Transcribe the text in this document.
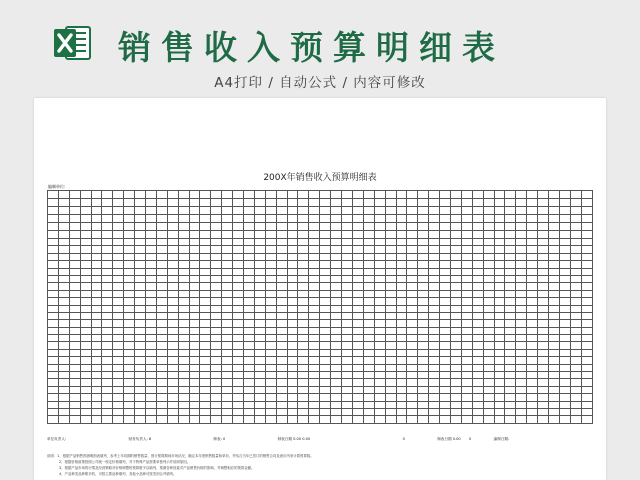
销售收入预算明细表
A4打印 / 自动公式 / 内容可修改
200X年销售收入预算明细表
编制单位:

单位负责人:	财务负责人: 8	制表: 0	制表日期 0.00 0.00	0	制表日期 0.00 0	编制日期:
说明：1、根据产品销售预测明细表填列，参考上年同期的销售数量，预计预算期间市场状况，确定本年度销售数量和单价，并结合当年已签订的销售合同及意向书来计算预算数。
2、根据价格政策按照公司统一规定价格填列，对于特殊产品需要单独列示并说明原因。
3、根据产品市场的行情及经营策略对价格调整的预算数予以填列，预测各种因素对产品销售价格的影响，并调整相应的预算金额。
4、产品种类品种繁多的，可按主要品种填列，其他小品种可按类别合并填列。
